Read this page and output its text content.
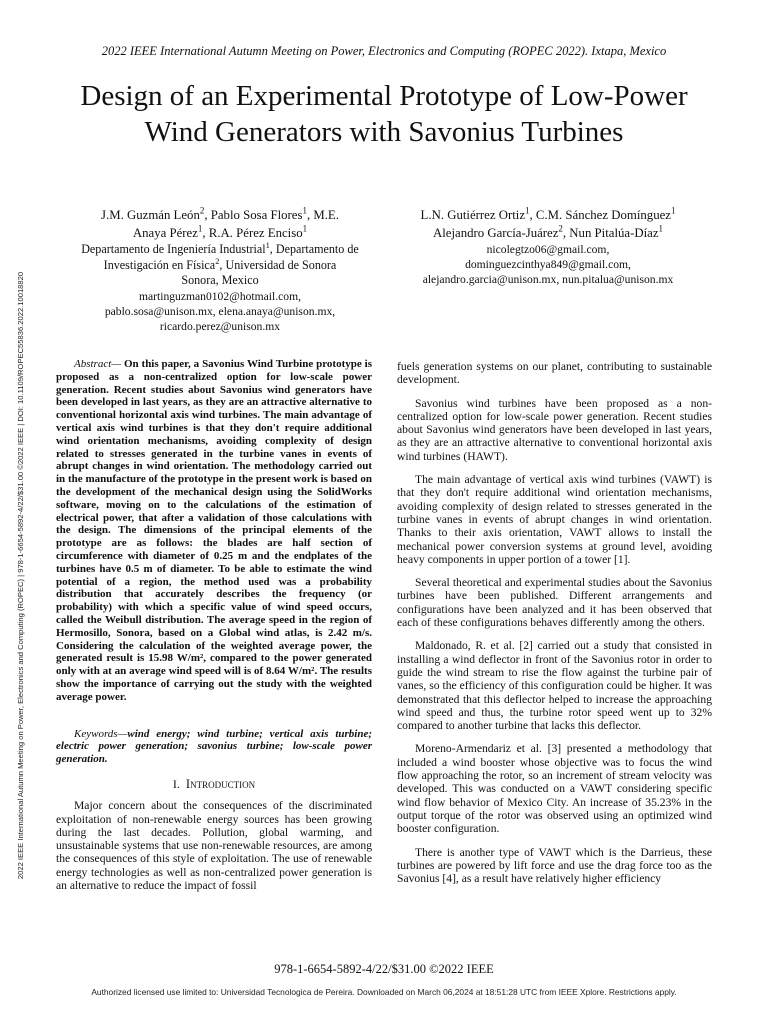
2022 IEEE International Autumn Meeting on Power, Electronics and Computing (ROPEC 2022). Ixtapa, Mexico
Design of an Experimental Prototype of Low-Power
Wind Generators with Savonius Turbines
2022 IEEE International Autumn Meeting on Power, Electronics and Computing (ROPEC) | 978-1-6654-5892-4/22/$31.00 ©2022 IEEE | DOI: 10.1109/ROPEC55836.2022.10018820
J.M. Guzmán León$^2$, Pablo Sosa Flores$^1$, M.E.
Anaya Pérez$^1$, R.A. Pérez Enciso$^1$
Departamento de Ingeniería Industrial$^1$, Departamento de
Investigación en Física$^2$, Universidad de Sonora
Sonora, Mexico
martinguzman0102@hotmail.com,
pablo.sosa@unison.mx, elena.anaya@unison.mx,
ricardo.perez@unison.mx
L.N. Gutiérrez Ortiz$^1$, C.M. Sánchez Domínguez$^1$
Alejandro García-Juárez$^2$, Nun Pitalúa-Díaz$^1$
nicolegtzo06@gmail.com,
dominguezcinthya849@gmail.com,
alejandro.garcia@unison.mx, nun.pitalua@unison.mx

Abstract— On this paper, a Savonius Wind Turbine prototype is proposed as a non-centralized option for low-scale power generation. Recent studies about Savonius wind generators have been developed in last years, as they are an attractive alternative to conventional horizontal axis wind turbines. The main advantage of vertical axis wind turbines is that they don't require additional wind orientation mechanisms, avoiding complexity of design related to stresses generated in the turbine vanes in events of abrupt changes in wind orientation. The methodology carried out in the manufacture of the prototype in the present work is based on the development of the mechanical design using the SolidWorks software, moving on to the calculations of the estimation of electrical power, that after a validation of those calculations with the design. The dimensions of the principal elements of the prototype are as follows: the blades are half section of circumference with diameter of 0.25 m and the endplates of the turbines have 0.5 m of diameter. To be able to estimate the wind potential of a region, the method used was a probability distribution that accurately describes the frequency (or probability) with which a specific value of wind speed occurs, called the Weibull distribution. The average speed in the region of Hermosillo, Sonora, based on a Global wind atlas, is 2.42 m/s. Considering the calculation of the weighted average power, the generated result is 15.98 W/m², compared to the power generated only with at an average wind speed will is of 8.64 W/m². The results show the importance of carrying out the study with the weighted average power.

Keywords—wind energy; wind turbine; vertical axis turbine; electric power generation; savonius turbine; low-scale power generation.

I. Introduction

Major concern about the consequences of the discriminated exploitation of non-renewable energy sources has been growing during the last decades. Pollution, global warming, and unsustainable systems that use non-renewable resources, are among the consequences of this style of exploitation. The use of renewable energy technologies as well as non-centralized power generation is an alternative to reduce the impact of fossil

fuels generation systems on our planet, contributing to sustainable development.

Savonius wind turbines have been proposed as a non-centralized option for low-scale power generation. Recent studies about Savonius wind generators have been developed in last years, as they are an attractive alternative to conventional horizontal axis wind turbines (HAWT).

The main advantage of vertical axis wind turbines (VAWT) is that they don't require additional wind orientation mechanisms, avoiding complexity of design related to stresses generated in the turbine vanes in events of abrupt changes in wind orientation. Thanks to their axis orientation, VAWT allows to install the mechanical power conversion systems at ground level, avoiding heavy components in upper portion of a tower [1].

Several theoretical and experimental studies about the Savonius turbines have been published. Different arrangements and configurations have been analyzed and it has been observed that each of these configurations behaves differently among the others.

Maldonado, R. et al. [2] carried out a study that consisted in installing a wind deflector in front of the Savonius rotor in order to guide the wind stream to rise the flow against the turbine pair of vanes, so the efficiency of this configuration could be higher. It was demonstrated that this deflector helped to increase the approaching wind speed and thus, the turbine rotor speed went up to 32% compared to another turbine that lacks this deflector.

Moreno-Armendariz et al. [3] presented a methodology that included a wind booster whose objective was to focus the wind flow approaching the rotor, so an increment of stream velocity was developed. This was conducted on a VAWT considering specific wind flow behavior of Mexico City. An increase of 35.23% in the output torque of the rotor was observed using an optimized wind booster configuration.

There is another type of VAWT which is the Darrieus, these turbines are powered by lift force and use the drag force too as the Savonius [4], as a result have relatively higher efficiency

978-1-6654-5892-4/22/$31.00 ©2022 IEEE
Authorized licensed use limited to: Universidad Tecnologica de Pereira. Downloaded on March 06,2024 at 18:51:28 UTC from IEEE Xplore. Restrictions apply.
